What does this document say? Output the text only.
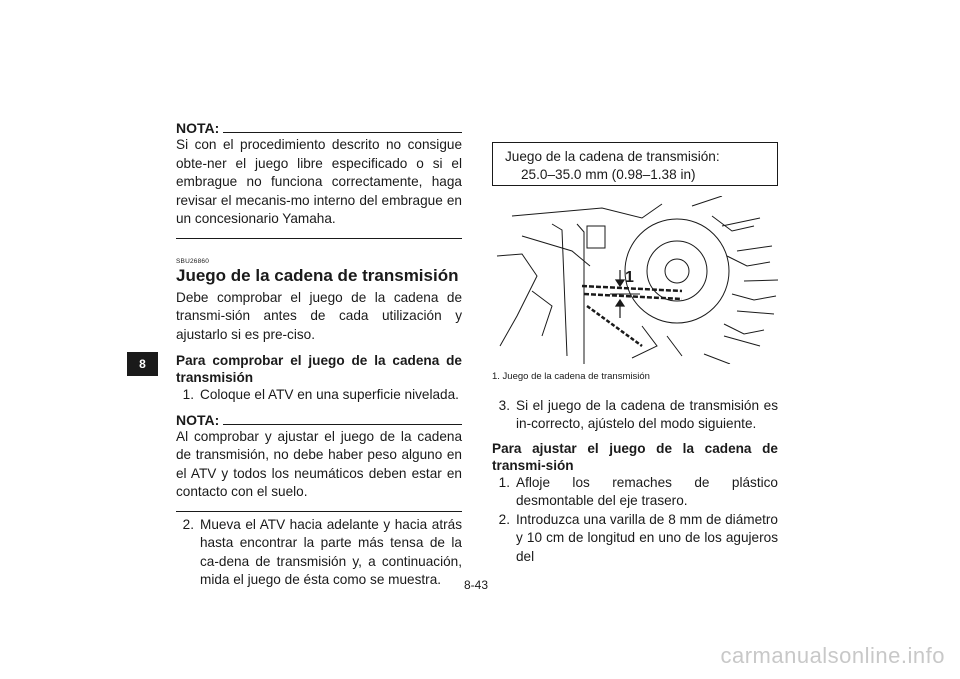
8
NOTA:

Si con el procedimiento descrito no consigue obte-ner el juego libre especificado o si el embrague no funciona correctamente, haga revisar el mecanis-mo interno del embrague en un concesionario Yamaha.

SBU26860
Juego de la cadena de transmisión

Debe comprobar el juego de la cadena de transmi-sión antes de cada utilización y ajustarlo si es pre-ciso.

Para comprobar el juego de la cadena de transmisión

1. Coloque el ATV en una superficie nivelada.
NOTA:

Al comprobar y ajustar el juego de la cadena de transmisión, no debe haber peso alguno en el ATV y todos los neumáticos deben estar en contacto con el suelo.

2. Mueva el ATV hacia adelante y hacia atrás hasta encontrar la parte más tensa de la ca-dena de transmisión y, a continuación, mida el juego de ésta como se muestra.
Juego de la cadena de transmisión:
25.0–35.0 mm (0.98–1.38 in)
1
1. Juego de la cadena de transmisión
3. Si el juego de la cadena de transmisión es in-correcto, ajústelo del modo siguiente.

Para ajustar el juego de la cadena de transmi-sión

1. Afloje los remaches de plástico desmontable del eje trasero.
2. Introduzca una varilla de 8 mm de diámetro y 10 cm de longitud en uno de los agujeros del
8-43
carmanualsonline.info
